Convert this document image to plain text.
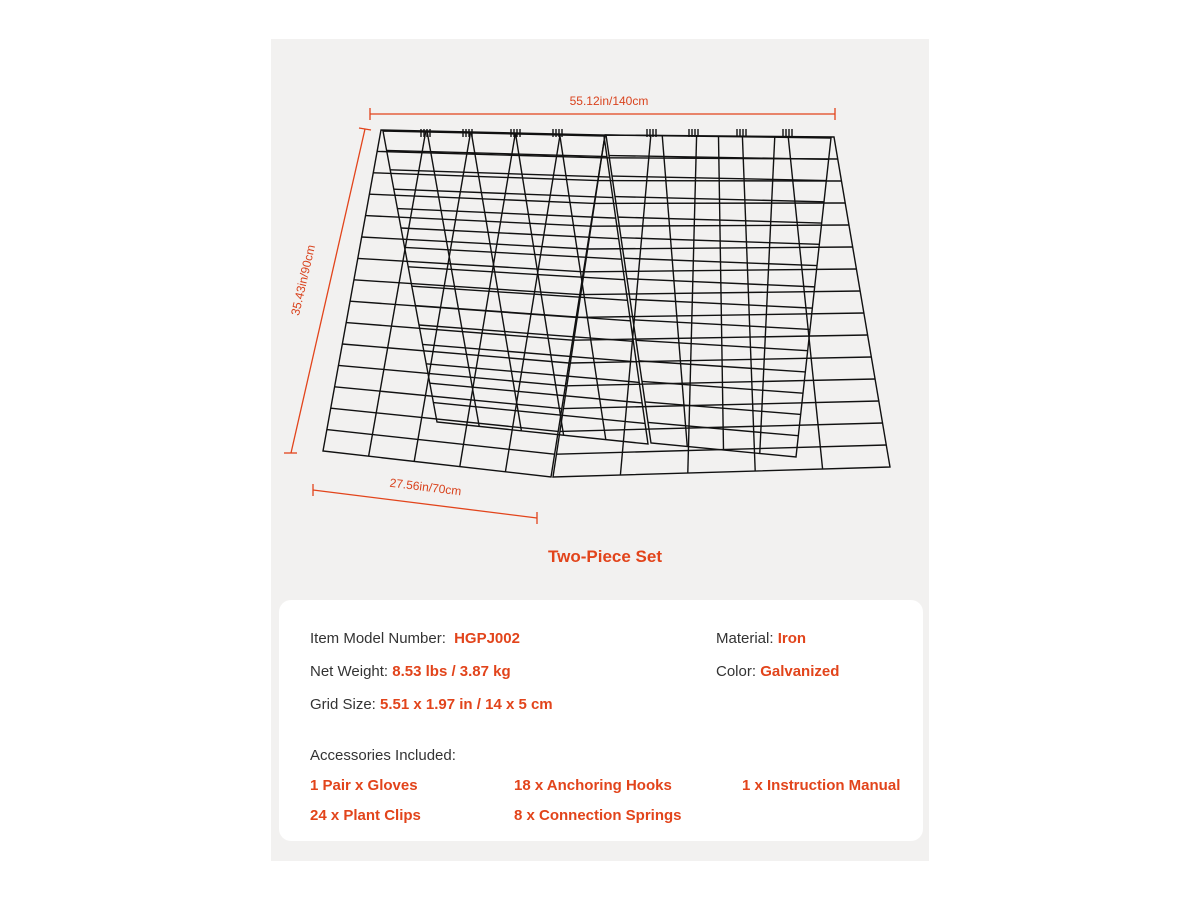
55.12in/140cm
35.43in/90cm
27.56in/70cm
Two-Piece Set
Item Model Number: HGPJ002
Net Weight: 8.53 lbs / 3.87 kg
Grid Size: 5.51 x 1.97 in / 14 x 5 cm
Material: Iron
Color: Galvanized
Accessories Included:
1 Pair x Gloves	18 x Anchoring Hooks	1 x Instruction Manual
24 x Plant Clips	8 x Connection Springs
